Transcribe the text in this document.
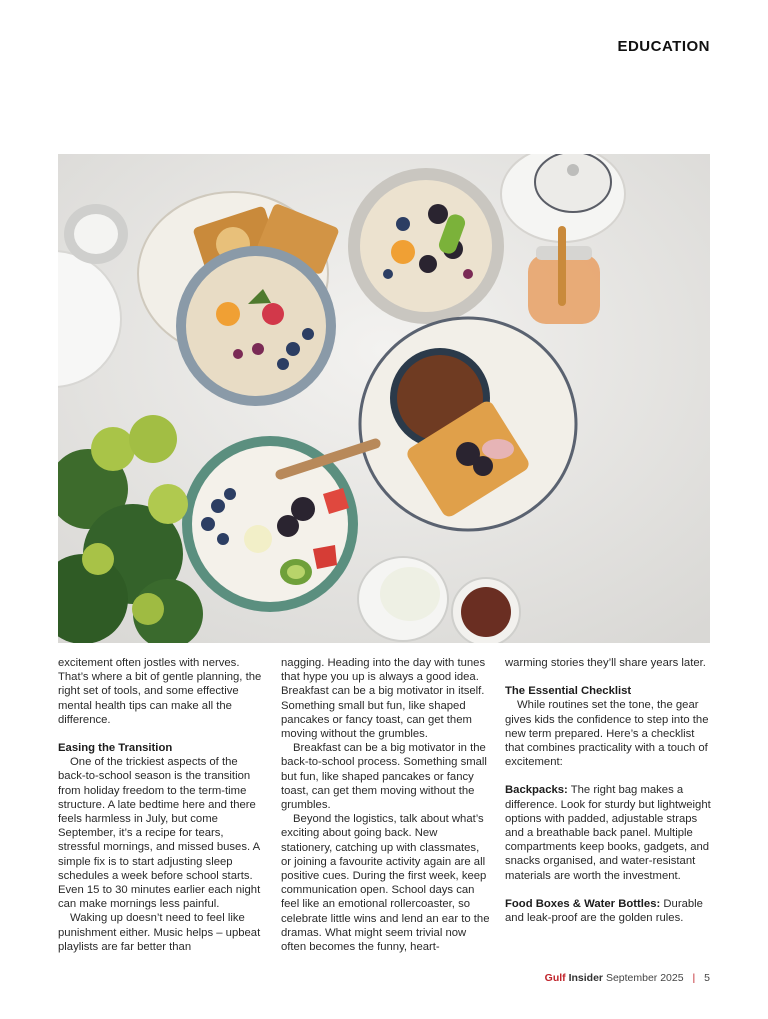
EDUCATION

excitement often jostles with nerves. That’s where a bit of gentle planning, the right set of tools, and some effective mental health tips can make all the difference.

Easing the Transition

One of the trickiest aspects of the back-to-school season is the transition from holiday freedom to the term-time structure. A late bedtime here and there feels harmless in July, but come September, it’s a recipe for tears, stressful mornings, and missed buses. A simple fix is to start adjusting sleep schedules a week before school starts. Even 15 to 30 minutes earlier each night can make mornings less painful.

Waking up doesn’t need to feel like punishment either. Music helps – upbeat playlists are far better than

nagging. Heading into the day with tunes that hype you up is always a good idea. Breakfast can be a big motivator in itself. Something small but fun, like shaped pancakes or fancy toast, can get them moving without the grumbles.

Breakfast can be a big motivator in the back-to-school process. Something small but fun, like shaped pancakes or fancy toast, can get them moving without the grumbles.

Beyond the logistics, talk about what’s exciting about going back. New stationery, catching up with classmates, or joining a favourite activity again are all positive cues. During the first week, keep communication open. School days can feel like an emotional rollercoaster, so celebrate little wins and lend an ear to the dramas. What might seem trivial now often becomes the funny, heart-

warming stories they’ll share years later.

The Essential Checklist

While routines set the tone, the gear gives kids the confidence to step into the new term prepared. Here’s a checklist that combines practicality with a touch of excitement:

Backpacks: The right bag makes a difference. Look for sturdy but lightweight options with padded, adjustable straps and a breathable back panel. Multiple compartments keep books, gadgets, and snacks organised, and water-resistant materials are worth the investment.

Food Boxes & Water Bottles: Durable and leak-proof are the golden rules.

Gulf Insider September 2025 | 5
